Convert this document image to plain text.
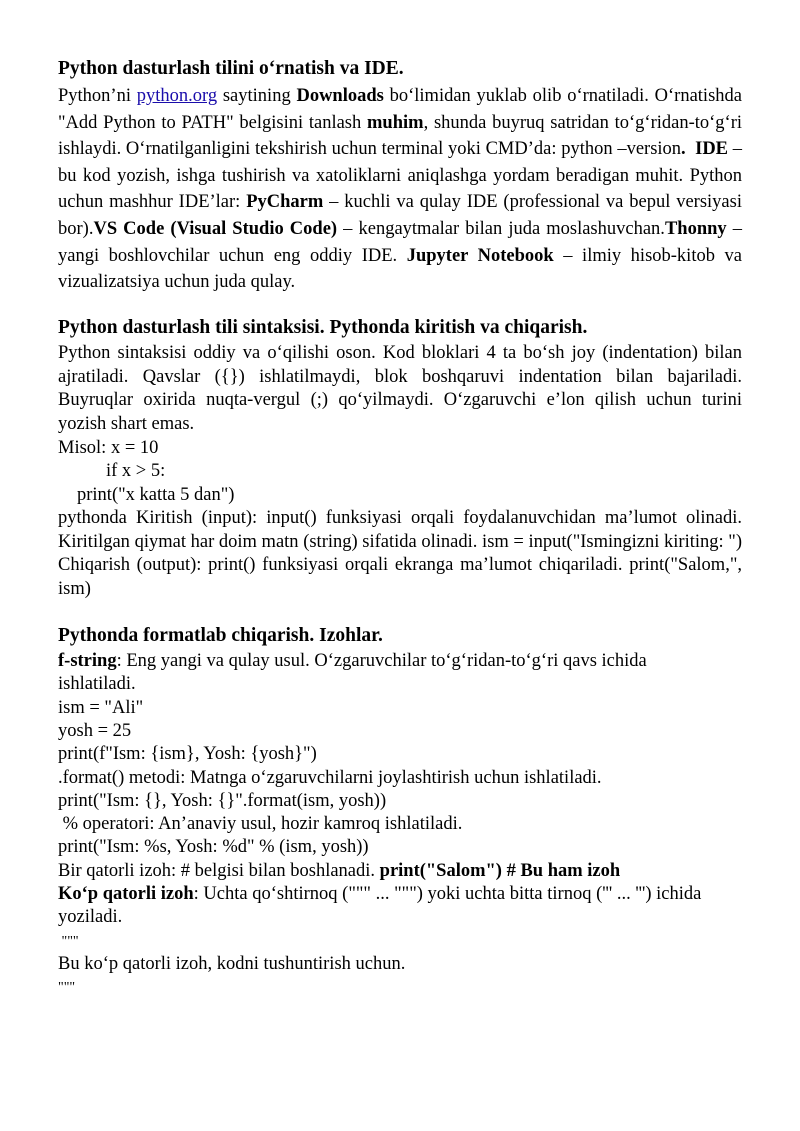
Python dasturlash tilini o‘rnatish va IDE.

Python’ni python.org saytining Downloads bo‘limidan yuklab olib o‘rnatiladi. O‘rnatishda "Add Python to PATH" belgisini tanlash muhim, shunda buyruq satridan to‘g‘ridan-to‘g‘ri ishlaydi. O‘rnatilganligini tekshirish uchun terminal yoki CMD’da: python –version. IDE – bu kod yozish, ishga tushirish va xatoliklarni aniqlashga yordam beradigan muhit. Python uchun mashhur IDE’lar: PyCharm – kuchli va qulay IDE (professional va bepul versiyasi bor).VS Code (Visual Studio Code) – kengaytmalar bilan juda moslashuvchan.Thonny – yangi boshlovchilar uchun eng oddiy IDE. Jupyter Notebook – ilmiy hisob-kitob va vizualizatsiya uchun juda qulay.

Python dasturlash tili sintaksisi. Pythonda kiritish va chiqarish.

Python sintaksisi oddiy va o‘qilishi oson. Kod bloklari 4 ta bo‘sh joy (indentation) bilan ajratiladi. Qavslar ({}) ishlatilmaydi, blok boshqaruvi indentation bilan bajariladi. Buyruqlar oxirida nuqta-vergul (;) qo‘yilmaydi. O‘zgaruvchi e’lon qilish uchun turini yozish shart emas.

Misol: x = 10
if x > 5:
print("x katta 5 dan")

pythonda Kiritish (input): input() funksiyasi orqali foydalanuvchidan ma’lumot olinadi. Kiritilgan qiymat har doim matn (string) sifatida olinadi. ism = input("Ismingizni kiriting: ") Chiqarish (output): print() funksiyasi orqali ekranga ma’lumot chiqariladi. print("Salom,", ism)

Pythonda formatlab chiqarish. Izohlar.

f-string: Eng yangi va qulay usul. O‘zgaruvchilar to‘g‘ridan-to‘g‘ri qavs ichida ishlatiladi.

ism = "Ali"
yosh = 25
print(f"Ism: {ism}, Yosh: {yosh}")
.format() metodi: Matnga o‘zgaruvchilarni joylashtirish uchun ishlatiladi.
print("Ism: {}, Yosh: {}".format(ism, yosh))
% operatori: An’anaviy usul, hozir kamroq ishlatiladi.
print("Ism: %s, Yosh: %d" % (ism, yosh))
Bir qatorli izoh: # belgisi bilan boshlanadi. print("Salom") # Bu ham izoh

Ko‘p qatorli izoh: Uchta qo‘shtirnoq (""" ... """) yoki uchta bitta tirnoq (''' ... ''') ichida yoziladi.

"""
Bu ko‘p qatorli izoh, kodni tushuntirish uchun.
"""
